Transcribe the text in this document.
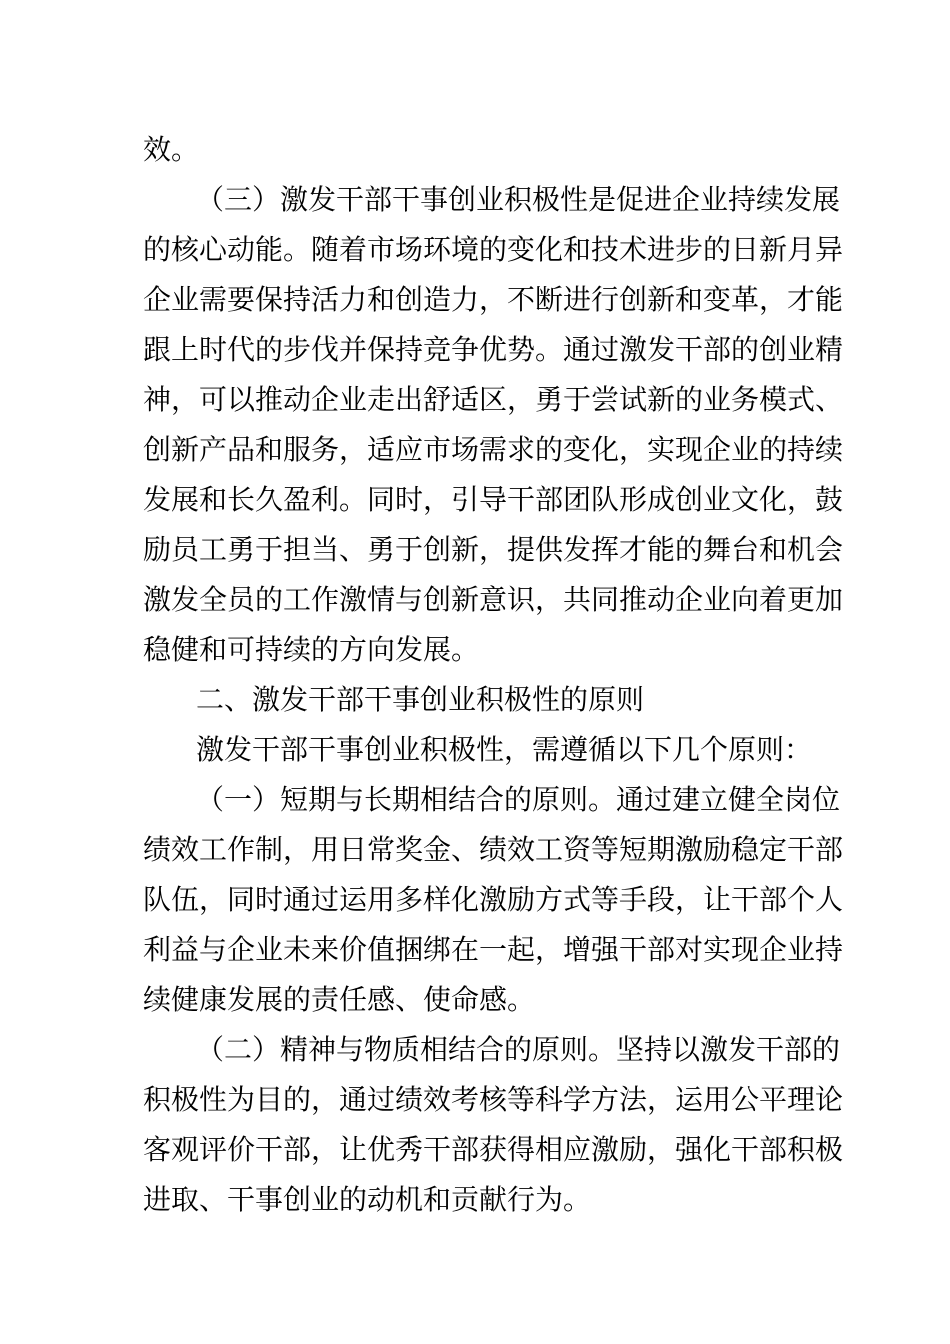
效。
（三）激发干部干事创业积极性是促进企业持续发展
的核心动能。随着市场环境的变化和技术进步的日新月异
企业需要保持活力和创造力，不断进行创新和变革，才能
跟上时代的步伐并保持竞争优势。通过激发干部的创业精
神，可以推动企业走出舒适区，勇于尝试新的业务模式、
创新产品和服务，适应市场需求的变化，实现企业的持续
发展和长久盈利。同时，引导干部团队形成创业文化，鼓
励员工勇于担当、勇于创新，提供发挥才能的舞台和机会
激发全员的工作激情与创新意识，共同推动企业向着更加
稳健和可持续的方向发展。
二、激发干部干事创业积极性的原则
激发干部干事创业积极性，需遵循以下几个原则：
（一）短期与长期相结合的原则。通过建立健全岗位
绩效工作制，用日常奖金、绩效工资等短期激励稳定干部
队伍，同时通过运用多样化激励方式等手段，让干部个人
利益与企业未来价值捆绑在一起，增强干部对实现企业持
续健康发展的责任感、使命感。
（二）精神与物质相结合的原则。坚持以激发干部的
积极性为目的，通过绩效考核等科学方法，运用公平理论
客观评价干部，让优秀干部获得相应激励，强化干部积极
进取、干事创业的动机和贡献行为。
